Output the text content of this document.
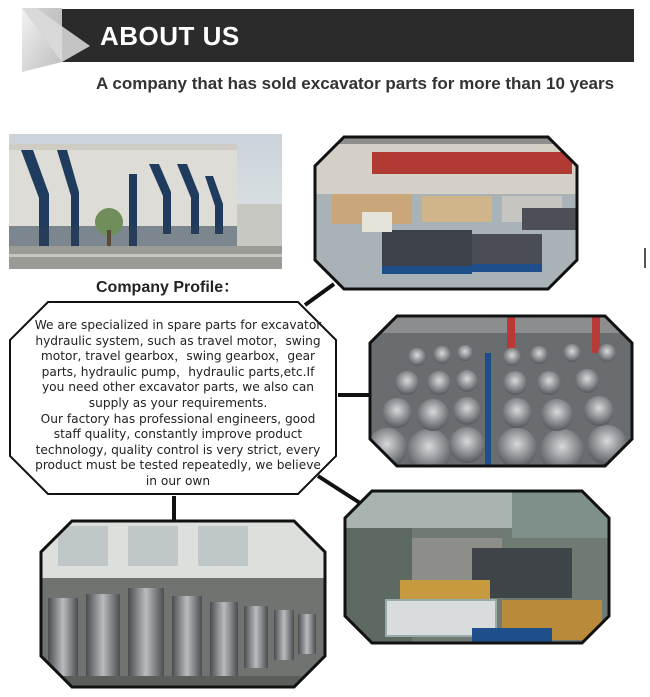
ABOUT US
A company that has sold excavator parts for more than 10 years
Company Profile：

We are specialized in spare parts for excavator hydraulic system, such as travel motor，swing motor, travel gearbox，swing gearbox，gear parts, hydraulic pump，hydraulic parts,etc.If you need other excavator parts, we also can supply as your requirements.

Our factory has professional engineers, good staff quality, constantly improve product technology, quality control is very strict, every product must be tested repeatedly, we believe in our own
